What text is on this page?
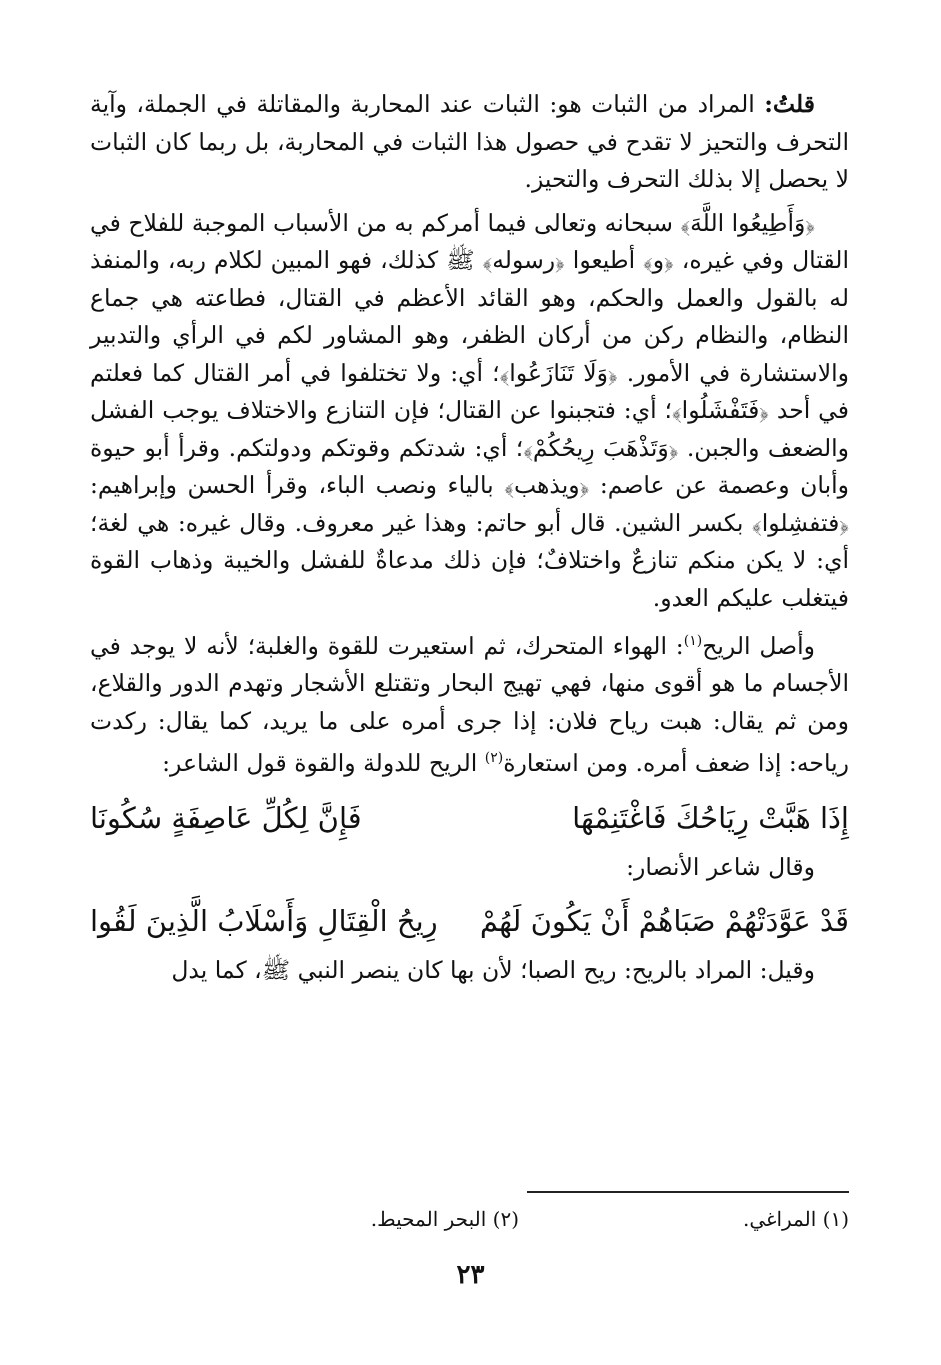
قلتُ: المراد من الثبات هو: الثبات عند المحاربة والمقاتلة في الجملة، وآية التحرف والتحيز لا تقدح في حصول هذا الثبات في المحاربة، بل ربما كان الثبات لا يحصل إلا بذلك التحرف والتحيز.

﴿وَأَطِيعُوا اللَّهَ﴾ سبحانه وتعالى فيما أمركم به من الأسباب الموجبة للفلاح في القتال وفي غيره، ﴿و﴾ أطيعوا ﴿رسوله﴾ ﷺ كذلك، فهو المبين لكلام ربه، والمنفذ له بالقول والعمل والحكم، وهو القائد الأعظم في القتال، فطاعته هي جماع النظام، والنظام ركن من أركان الظفر، وهو المشاور لكم في الرأي والتدبير والاستشارة في الأمور. ﴿وَلَا تَنَازَعُوا﴾؛ أي: ولا تختلفوا في أمر القتال كما فعلتم في أحد ﴿فَتَفْشَلُوا﴾؛ أي: فتجبنوا عن القتال؛ فإن التنازع والاختلاف يوجب الفشل والضعف والجبن. ﴿وَتَذْهَبَ رِيحُكُمْ﴾؛ أي: شدتكم وقوتكم ودولتكم. وقرأ أبو حيوة وأبان وعصمة عن عاصم: ﴿ويذهب﴾ بالياء ونصب الباء، وقرأ الحسن وإبراهيم: ﴿فتفشِلوا﴾ بكسر الشين. قال أبو حاتم: وهذا غير معروف. وقال غيره: هي لغة؛ أي: لا يكن منكم تنازعٌ واختلافٌ؛ فإن ذلك مدعاةٌ للفشل والخيبة وذهاب القوة فيتغلب عليكم العدو.

وأصل الريح$^{(١)}$: الهواء المتحرك، ثم استعيرت للقوة والغلبة؛ لأنه لا يوجد في الأجسام ما هو أقوى منها، فهي تهيج البحار وتقتلع الأشجار وتهدم الدور والقلاع، ومن ثم يقال: هبت رياح فلان: إذا جرى أمره على ما يريد، كما يقال: ركدت رياحه: إذا ضعف أمره. ومن استعارة$^{(٢)}$ الريح للدولة والقوة قول الشاعر:

إِذَا هَبَّتْ رِيَاحُكَ فَاغْتَنِمْهَا
فَإِنَّ لِكُلِّ عَاصِفَةٍ سُكُونَا

وقال شاعر الأنصار:

قَدْ عَوَّدَتْهُمْ صَبَاهُمْ أَنْ يَكُونَ لَهُمْ
رِيحُ الْقِتَالِ وَأَسْلَابُ الَّذِينَ لَقُوا

وقيل: المراد بالريح: ريح الصبا؛ لأن بها كان ينصر النبي ﷺ، كما يدل

(١) المراغي.
(٢) البحر المحيط.
٢٣
